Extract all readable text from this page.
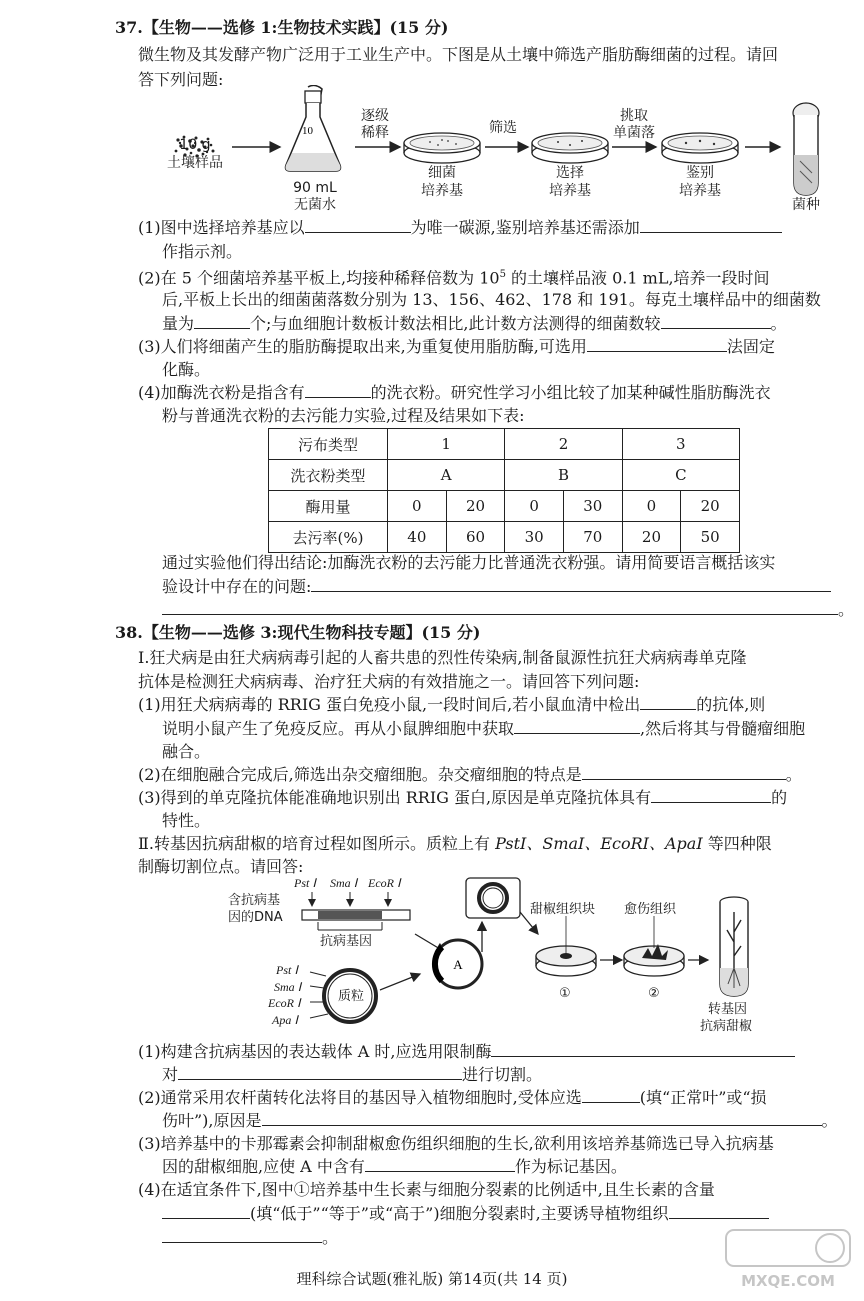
37.【生物——选修 1:生物技术实践】(15 分)
微生物及其发酵产物广泛用于工业生产中。下图是从土壤中筛选产脂肪酶细菌的过程。请回
答下列问题:
10
10 g
土壤样品
90 mL
无菌水
逐级
稀释
细菌
培养基
筛选
选择
培养基
挑取
单菌落
鉴别
培养基
菌种
(1)图中选择培养基应以	为唯一碳源,鉴别培养基还需添加
作指示剂。
(2)在 5 个细菌培养基平板上,均接种稀释倍数为 $10^5$ 的土壤样品液 0.1 mL,培养一段时间
后,平板上长出的细菌菌落数分别为 13、156、462、178 和 191。每克土壤样品中的细菌数
量为	个;与血细胞计数板计数法相比,此计数方法测得的细菌数较	。
(3)人们将细菌产生的脂肪酶提取出来,为重复使用脂肪酶,可选用	法固定
化酶。
(4)加酶洗衣粉是指含有	的洗衣粉。研究性学习小组比较了加某种碱性脂肪酶洗衣
粉与普通洗衣粉的去污能力实验,过程及结果如下表:
污布类型	1		2		3	
洗衣粉类型	A		B		C	
酶用量	0	20	0	30	0	20
去污率(%)	40	60	30	70	20	50
通过实验他们得出结论:加酶洗衣粉的去污能力比普通洗衣粉强。请用简要语言概括该实
验设计中存在的问题:
。
38.【生物——选修 3:现代生物科技专题】(15 分)
Ⅰ.狂犬病是由狂犬病病毒引起的人畜共患的烈性传染病,制备鼠源性抗狂犬病病毒单克隆
抗体是检测狂犬病病毒、治疗狂犬病的有效措施之一。请回答下列问题:
(1)用狂犬病病毒的 RRIG 蛋白免疫小鼠,一段时间后,若小鼠血清中检出	的抗体,则
说明小鼠产生了免疫反应。再从小鼠脾细胞中获取	,然后将其与骨髓瘤细胞
融合。
(2)在细胞融合完成后,筛选出杂交瘤细胞。杂交瘤细胞的特点是	。
(3)得到的单克隆抗体能准确地识别出 RRIG 蛋白,原因是单克隆抗体具有	的
特性。
Ⅱ.转基因抗病甜椒的培育过程如图所示。质粒上有 PstⅠ、SmaⅠ、EcoRⅠ、ApaⅠ 等四种限
制酶切割位点。请回答:
A
含抗病基
因的DNA
Pst Ⅰ Sma Ⅰ EcoR Ⅰ
抗病基因
Pst Ⅰ
Sma Ⅰ
EcoR Ⅰ
Apa Ⅰ
质粒
甜椒组织块 愈伤组织
①	②
转基因
抗病甜椒
(1)构建含抗病基因的表达载体 A 时,应选用限制酶
对	进行切割。
(2)通常采用农杆菌转化法将目的基因导入植物细胞时,受体应选	(填“正常叶”或“损
伤叶”),原因是	。
(3)培养基中的卡那霉素会抑制甜椒愈伤组织细胞的生长,欲利用该培养基筛选已导入抗病基
因的甜椒细胞,应使 A 中含有	作为标记基因。
(4)在适宜条件下,图中①培养基中生长素与细胞分裂素的比例适中,且生长素的含量
(填“低于”“等于”或“高于”)细胞分裂素时,主要诱导植物组织
。
理科综合试题(雅礼版) 第14页(共 14 页)	MXQE.COM
